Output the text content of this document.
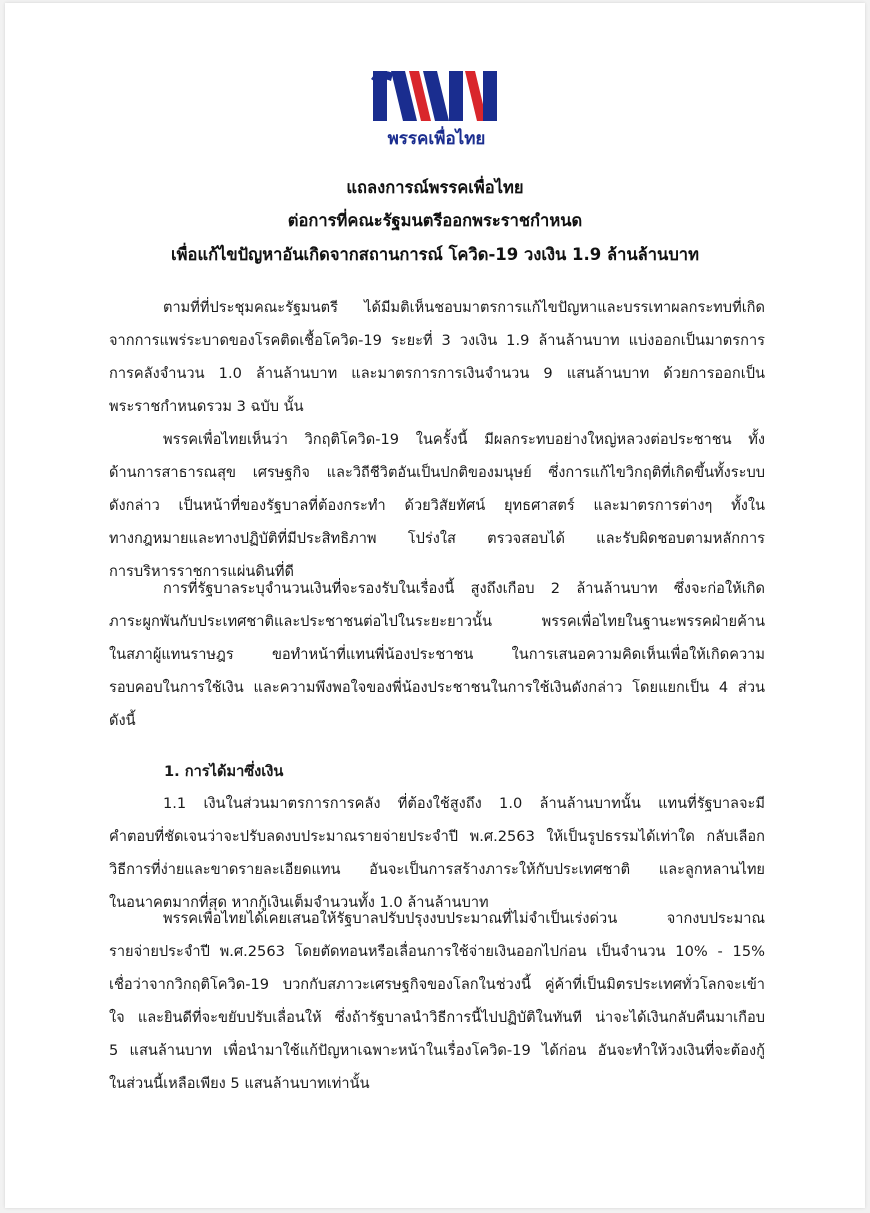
พรรคเพื่อไทย
แถลงการณ์พรรคเพื่อไทย
ต่อการที่คณะรัฐมนตรีออกพระราชกำหนด
เพื่อแก้ไขปัญหาอันเกิดจากสถานการณ์ โควิด-19 วงเงิน 1.9 ล้านล้านบาท
ตามที่ที่ประชุมคณะรัฐมนตรี ได้มีมติเห็นชอบมาตรการแก้ไขปัญหาและบรรเทาผลกระทบที่เกิด
จากการแพร่ระบาดของโรคติดเชื้อโควิด-19 ระยะที่ 3 วงเงิน 1.9 ล้านล้านบาท แบ่งออกเป็นมาตรการ
การคลังจำนวน 1.0 ล้านล้านบาท และมาตรการการเงินจำนวน 9 แสนล้านบาท ด้วยการออกเป็น
พระราชกำหนดรวม 3 ฉบับ นั้น
พรรคเพื่อไทยเห็นว่า วิกฤติโควิด-19 ในครั้งนี้ มีผลกระทบอย่างใหญ่หลวงต่อประชาชน ทั้ง
ด้านการสาธารณสุข เศรษฐกิจ และวิถีชีวิตอันเป็นปกติของมนุษย์ ซึ่งการแก้ไขวิกฤติที่เกิดขึ้นทั้งระบบ
ดังกล่าว เป็นหน้าที่ของรัฐบาลที่ต้องกระทำ ด้วยวิสัยทัศน์ ยุทธศาสตร์ และมาตรการต่างๆ ทั้งใน
ทางกฎหมายและทางปฏิบัติที่มีประสิทธิภาพ โปร่งใส ตรวจสอบได้ และรับผิดชอบตามหลักการ
การบริหารราชการแผ่นดินที่ดี
การที่รัฐบาลระบุจำนวนเงินที่จะรองรับในเรื่องนี้ สูงถึงเกือบ 2 ล้านล้านบาท ซึ่งจะก่อให้เกิด
ภาระผูกพันกับประเทศชาติและประชาชนต่อไปในระยะยาวนั้น พรรคเพื่อไทยในฐานะพรรคฝ่ายค้าน
ในสภาผู้แทนราษฎร ขอทำหน้าที่แทนพี่น้องประชาชน ในการเสนอความคิดเห็นเพื่อให้เกิดความ
รอบคอบในการใช้เงิน และความพึงพอใจของพี่น้องประชาชนในการใช้เงินดังกล่าว โดยแยกเป็น 4 ส่วน
ดังนี้
1. การได้มาซึ่งเงิน
1.1 เงินในส่วนมาตรการการคลัง ที่ต้องใช้สูงถึง 1.0 ล้านล้านบาทนั้น แทนที่รัฐบาลจะมี
คำตอบที่ชัดเจนว่าจะปรับลดงบประมาณรายจ่ายประจำปี พ.ศ.2563 ให้เป็นรูปธรรมได้เท่าใด กลับเลือก
วิธีการที่ง่ายและขาดรายละเอียดแทน อันจะเป็นการสร้างภาระให้กับประเทศชาติ และลูกหลานไทย
ในอนาคตมากที่สุด หากกู้เงินเต็มจำนวนทั้ง 1.0 ล้านล้านบาท
พรรคเพื่อไทยได้เคยเสนอให้รัฐบาลปรับปรุงงบประมาณที่ไม่จำเป็นเร่งด่วน จากงบประมาณ
รายจ่ายประจำปี พ.ศ.2563 โดยตัดทอนหรือเลื่อนการใช้จ่ายเงินออกไปก่อน เป็นจำนวน 10% - 15%
เชื่อว่าจากวิกฤติโควิด-19 บวกกับสภาวะเศรษฐกิจของโลกในช่วงนี้ คู่ค้าที่เป็นมิตรประเทศทั่วโลกจะเข้า
ใจ และยินดีที่จะขยับปรับเลื่อนให้ ซึ่งถ้ารัฐบาลนำวิธีการนี้ไปปฏิบัติในทันที น่าจะได้เงินกลับคืนมาเกือบ
5 แสนล้านบาท เพื่อนำมาใช้แก้ปัญหาเฉพาะหน้าในเรื่องโควิด-19 ได้ก่อน อันจะทำให้วงเงินที่จะต้องกู้
ในส่วนนี้เหลือเพียง 5 แสนล้านบาทเท่านั้น
